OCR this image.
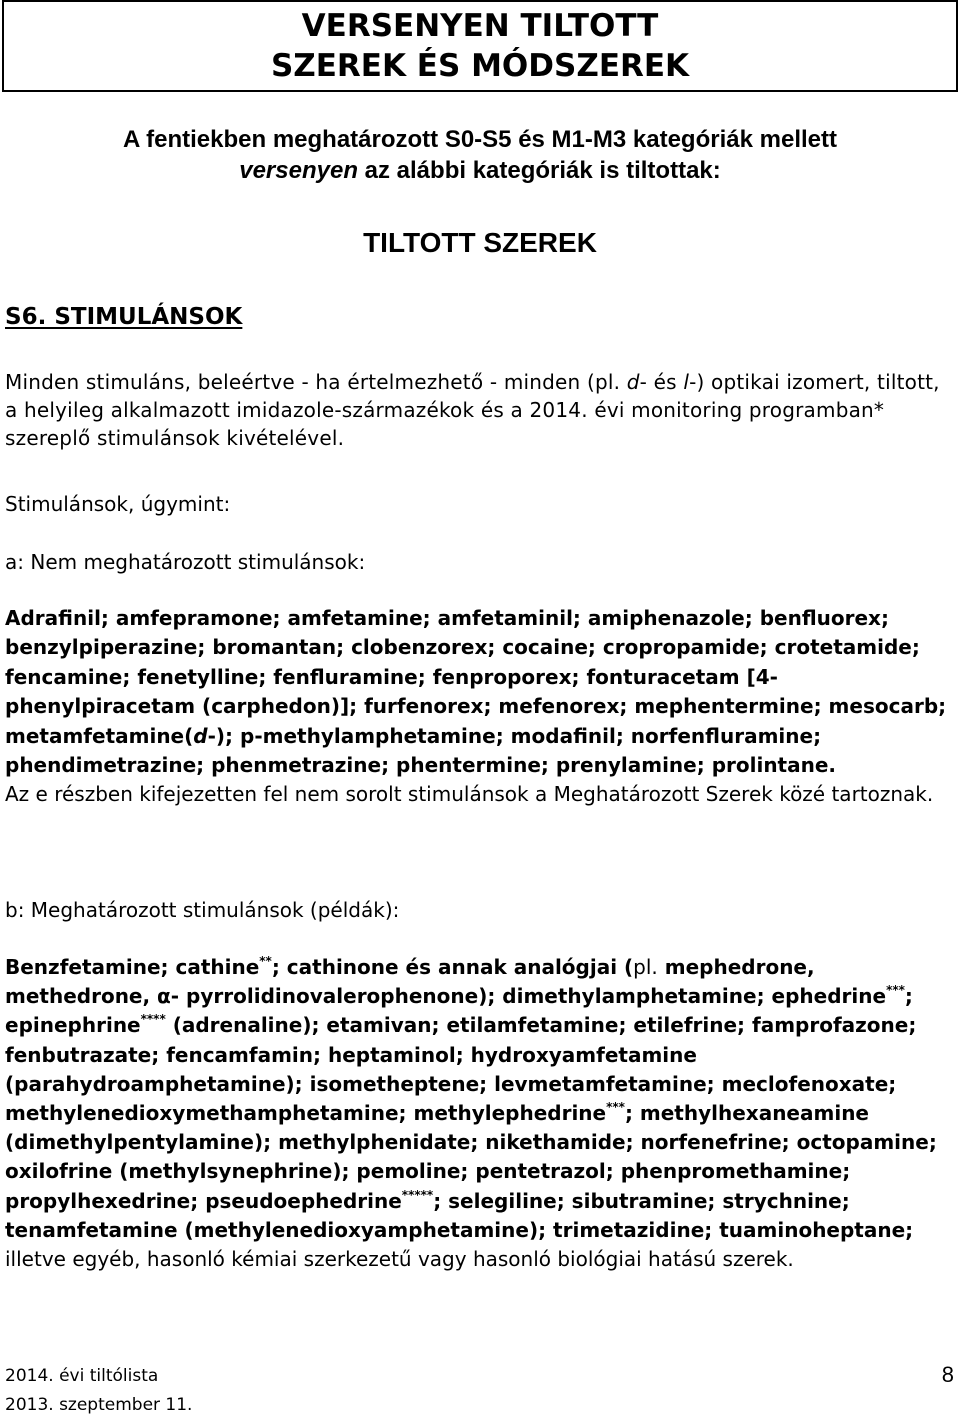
VERSENYEN TILTOTT
SZEREK ÉS MÓDSZEREK
A fentiekben meghatározott S0-S5 és M1-M3 kategóriák mellett
versenyen az alábbi kategóriák is tiltottak:
TILTOTT SZEREK
S6. STIMULÁNSOK
Minden stimuláns, beleértve - ha értelmezhető - minden (pl. d- és l-) optikai izomert, tiltott, a helyileg alkalmazott imidazole-származékok és a 2014. évi monitoring programban* szereplő stimulánsok kivételével.
Stimulánsok, úgymint:
a: Nem meghatározott stimulánsok:
Adrafinil; amfepramone; amfetamine; amfetaminil; amiphenazole; benfluorex; benzylpiperazine; bromantan; clobenzorex; cocaine; cropropamide; crotetamide; fencamine; fenetylline; fenfluramine; fenproporex; fonturacetam [4-phenylpiracetam (carphedon)]; furfenorex; mefenorex; mephentermine; mesocarb; metamfetamine(d-); p-methylamphetamine; modafinil; norfenfluramine; phendimetrazine; phenmetrazine; phentermine; prenylamine; prolintane.
Az e részben kifejezetten fel nem sorolt stimulánsok a Meghatározott Szerek közé tartoznak.
b: Meghatározott stimulánsok (példák):
Benzfetamine; cathine**; cathinone és annak analógjai (pl. mephedrone, methedrone, α- pyrrolidinovalerophenone); dimethylamphetamine; ephedrine***; epinephrine**** (adrenaline); etamivan; etilamfetamine; etilefrine; famprofazone; fenbutrazate; fencamfamin; heptaminol; hydroxyamfetamine (parahydroamphetamine); isometheptene; levmetamfetamine; meclofenoxate; methylenedioxymethamphetamine; methylephedrine***; methylhexaneamine (dimethylpentylamine); methylphenidate; nikethamide; norfenefrine; octopamine; oxilofrine (methylsynephrine); pemoline; pentetrazol; phenpromethamine; propylhexedrine; pseudoephedrine*****; selegiline; sibutramine; strychnine; tenamfetamine (methylenedioxyamphetamine); trimetazidine; tuaminoheptane; illetve egyéb, hasonló kémiai szerkezetű vagy hasonló biológiai hatású szerek.
2014. évi tiltólista
2013. szeptember 11.
8
